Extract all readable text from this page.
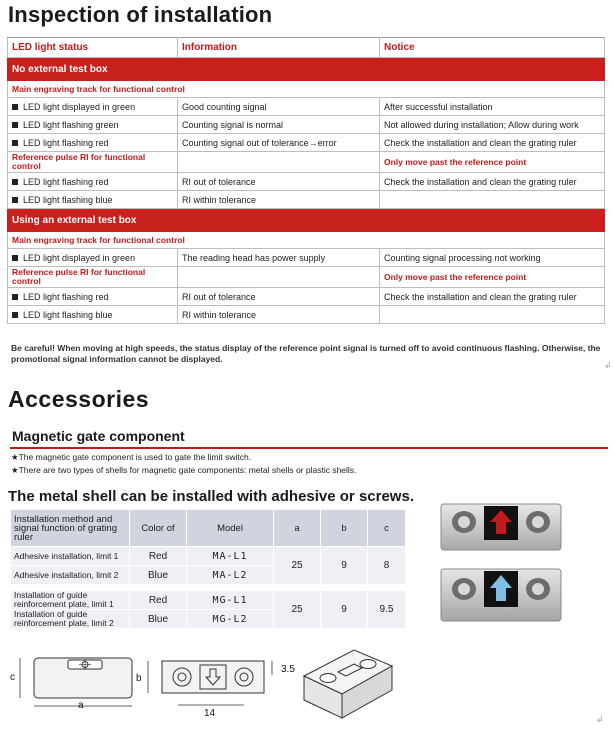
Inspection of installation
LED light status	Information	Notice
No external test box		
Main engraving track for functional control		
LED light displayed in green	Good counting signal	After successful installation
LED light flashing green	Counting signal is normal	Not allowed during installation; Allow during work
LED light flashing red	Counting signal out of tolerance→error	Check the installation and clean the grating ruler

Reference pulse RI for functional control		Only move past the reference point
LED light flashing red	RI out of tolerance	Check the installation and clean the grating ruler
LED light flashing blue	RI within tolerance	
Using an external test box		
Main engraving track for functional control		
LED light displayed in green	The reading head has power supply	Counting signal processing not working

Reference pulse RI for functional control		Only move past the reference point
LED light flashing red	RI out of tolerance	Check the installation and clean the grating ruler
LED light flashing blue	RI within tolerance	
Be careful! When moving at high speeds, the status display of the reference point signal is turned off to avoid continuous flashing. Otherwise, the promotional signal information cannot be displayed.
↲
Accessories
Magnetic gate component
★The magnetic gate component is used to gate the limit switch.
★There are two types of shells for magnetic gate components: metal shells or plastic shells.
The metal shell can be installed with adhesive or screws.
Installation method and signal function of grating ruler	Color of	Model	a	b	c
Adhesive installation, limit 1	Red	MA-L1	25	9	8
Adhesive installation, limit 2	Blue	MA-L2			

Installation of guide reinforcement plate, limit 1	Red	MG-L1	25	9	9.5
Installation of guide reinforcement plate, limit 2	Blue	MG-L2			
c
a
b
3.5
14	↲
